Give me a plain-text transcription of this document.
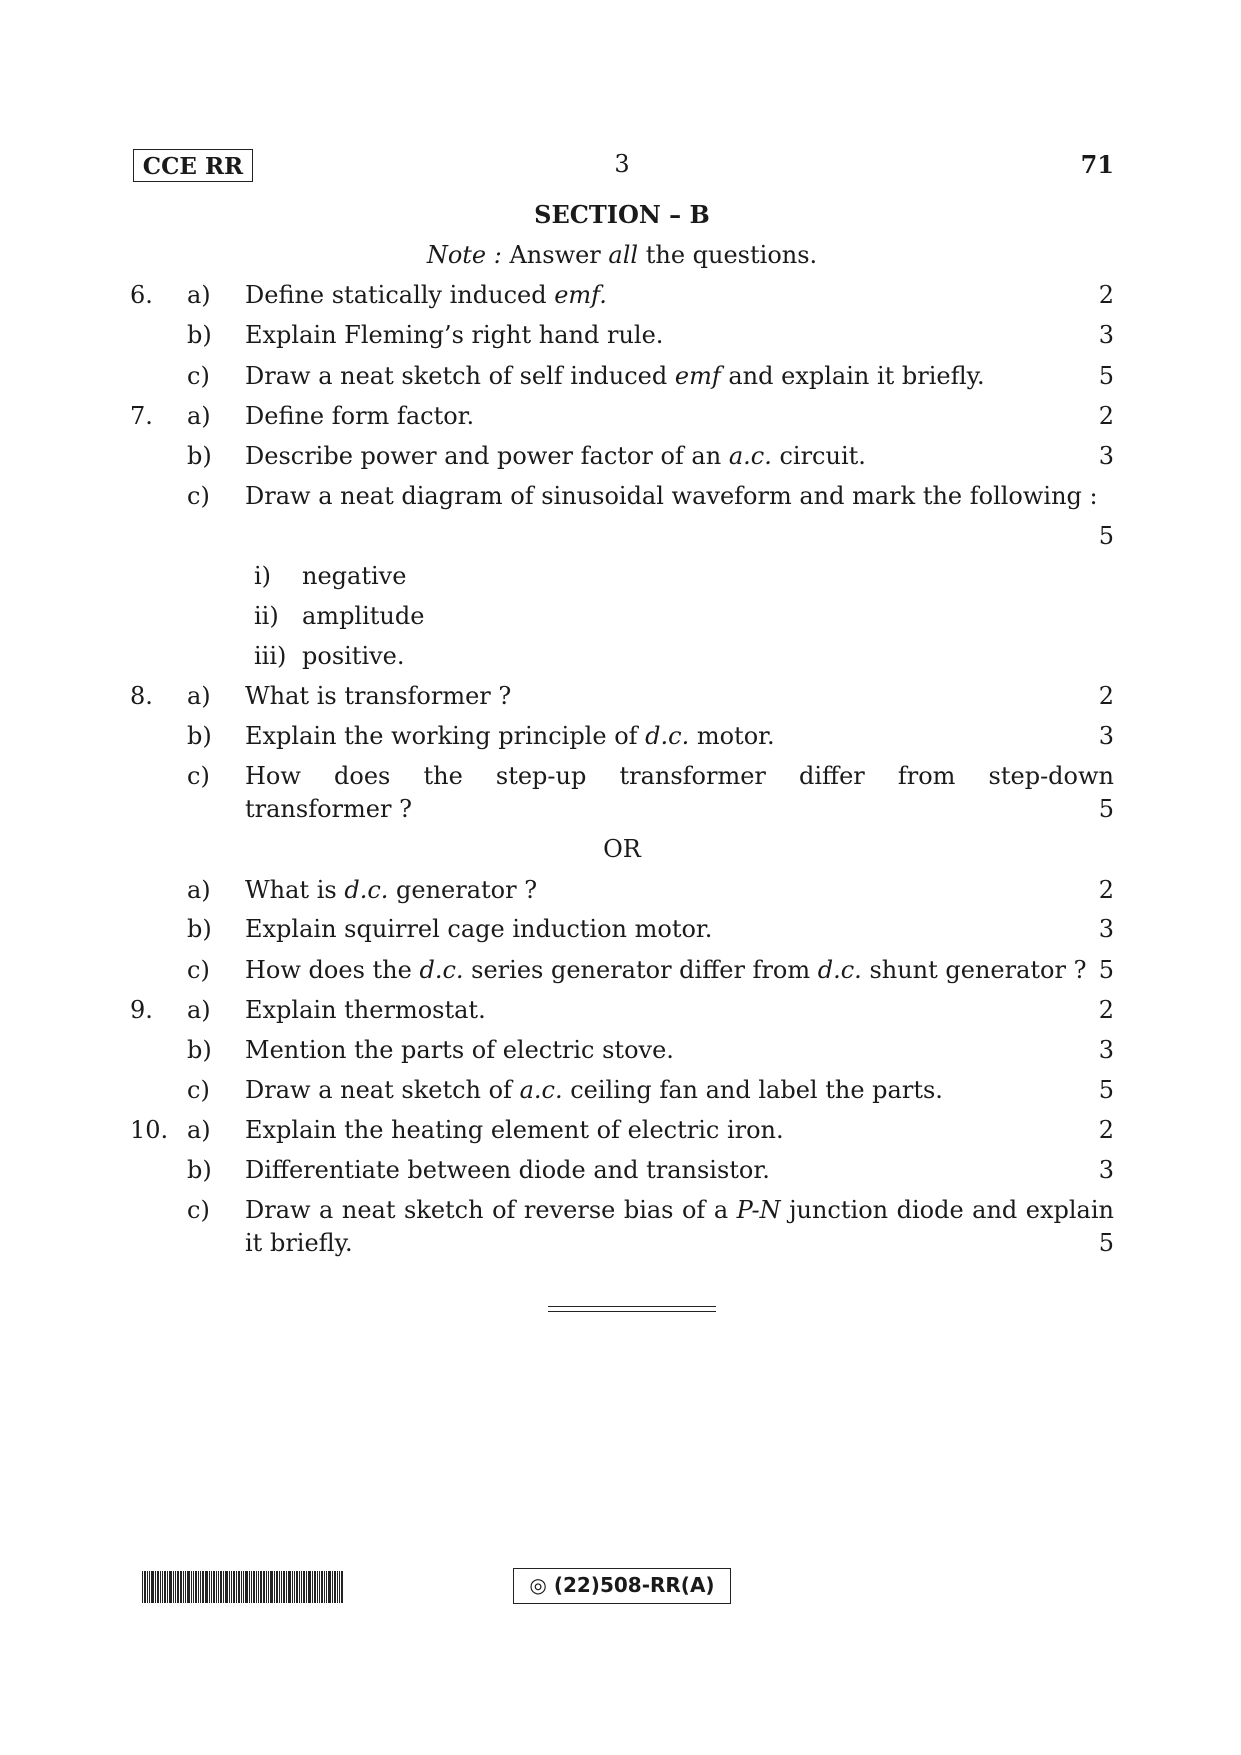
CCE RR	3	71
SECTION – B
Note : Answer all the questions.
6.	a) Define statically induced emf.	2
b) Explain Fleming’s right hand rule.	3
c) Draw a neat sketch of self induced emf and explain it briefly.	5
7.	a) Define form factor.	2
b) Describe power and power factor of an a.c. circuit.	3
c) Draw a neat diagram of sinusoidal waveform and mark the following :
5
i)	negative
ii) amplitude
iii) positive.
8.	a) What is transformer ?	2
b) Explain the working principle of d.c. motor.	3
c) How does the step-up transformer differ from step-down
transformer ?	5
OR
a) What is d.c. generator ?	2
b) Explain squirrel cage induction motor.	3
c) How does the d.c. series generator differ from d.c. shunt generator ? 5
9.	a) Explain thermostat.	2
b) Mention the parts of electric stove.	3
c) Draw a neat sketch of a.c. ceiling fan and label the parts.	5
10. a) Explain the heating element of electric iron.	2
b) Differentiate between diode and transistor.	3
c) Draw a neat sketch of reverse bias of a P-N junction diode and explain
it briefly.	5
◎ (22)508-RR(A)
